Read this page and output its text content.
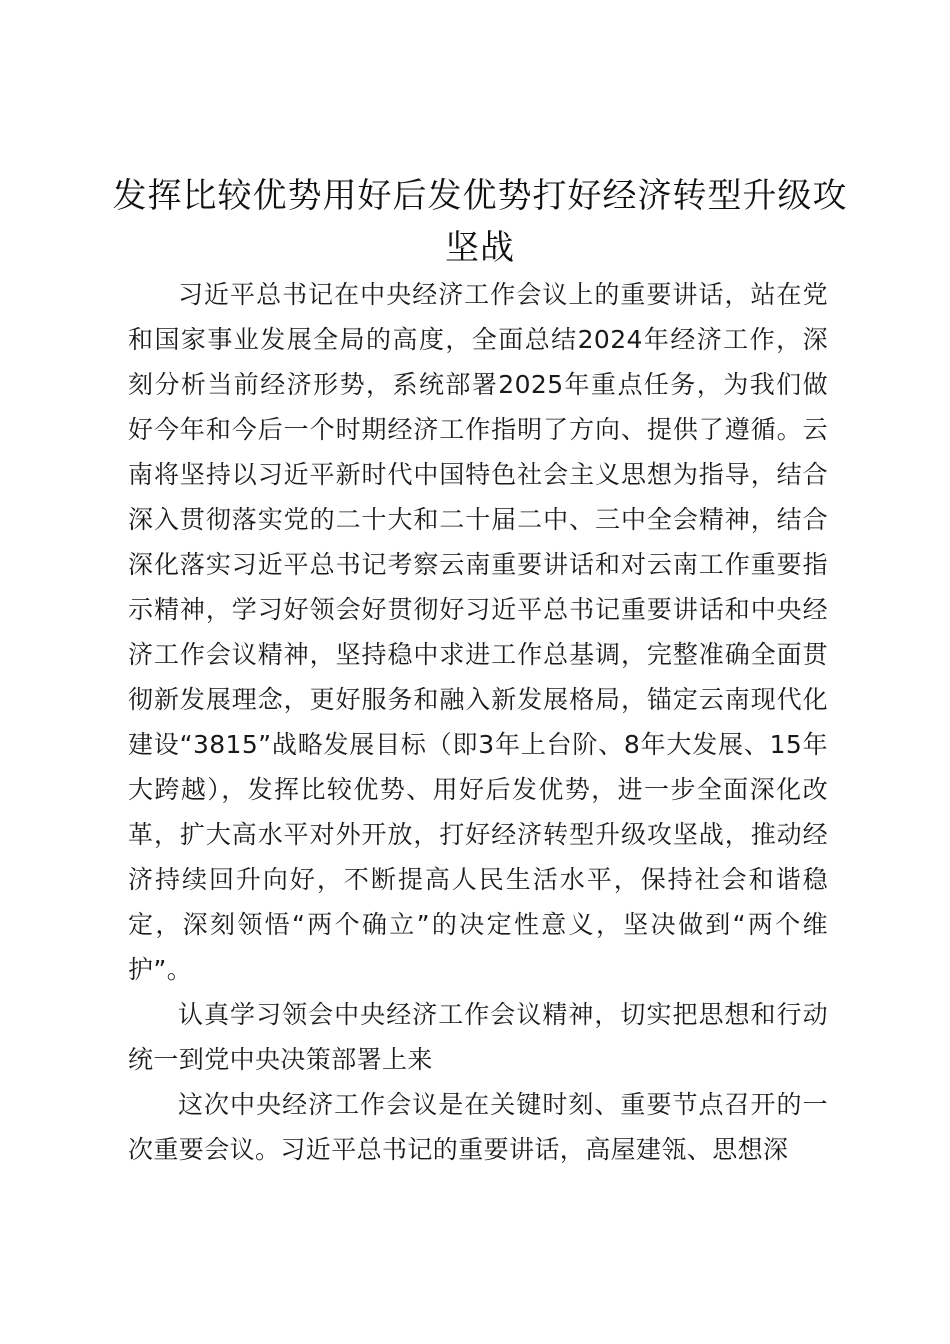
发挥比较优势用好后发优势打好经济转型升级攻坚战

习近平总书记在中央经济工作会议上的重要讲话，站在党和国家事业发展全局的高度，全面总结2024年经济工作，深刻分析当前经济形势，系统部署2025年重点任务，为我们做好今年和今后一个时期经济工作指明了方向、提供了遵循。云南将坚持以习近平新时代中国特色社会主义思想为指导，结合深入贯彻落实党的二十大和二十届二中、三中全会精神，结合深化落实习近平总书记考察云南重要讲话和对云南工作重要指示精神，学习好领会好贯彻好习近平总书记重要讲话和中央经济工作会议精神，坚持稳中求进工作总基调，完整准确全面贯彻新发展理念，更好服务和融入新发展格局，锚定云南现代化建设“3815”战略发展目标（即3年上台阶、8年大发展、15年大跨越），发挥比较优势、用好后发优势，进一步全面深化改革，扩大高水平对外开放，打好经济转型升级攻坚战，推动经济持续回升向好，不断提高人民生活水平，保持社会和谐稳定，深刻领悟“两个确立”的决定性意义，坚决做到“两个维护”。

认真学习领会中央经济工作会议精神，切实把思想和行动统一到党中央决策部署上来

这次中央经济工作会议是在关键时刻、重要节点召开的一次重要会议。习近平总书记的重要讲话，高屋建瓴、思想深
